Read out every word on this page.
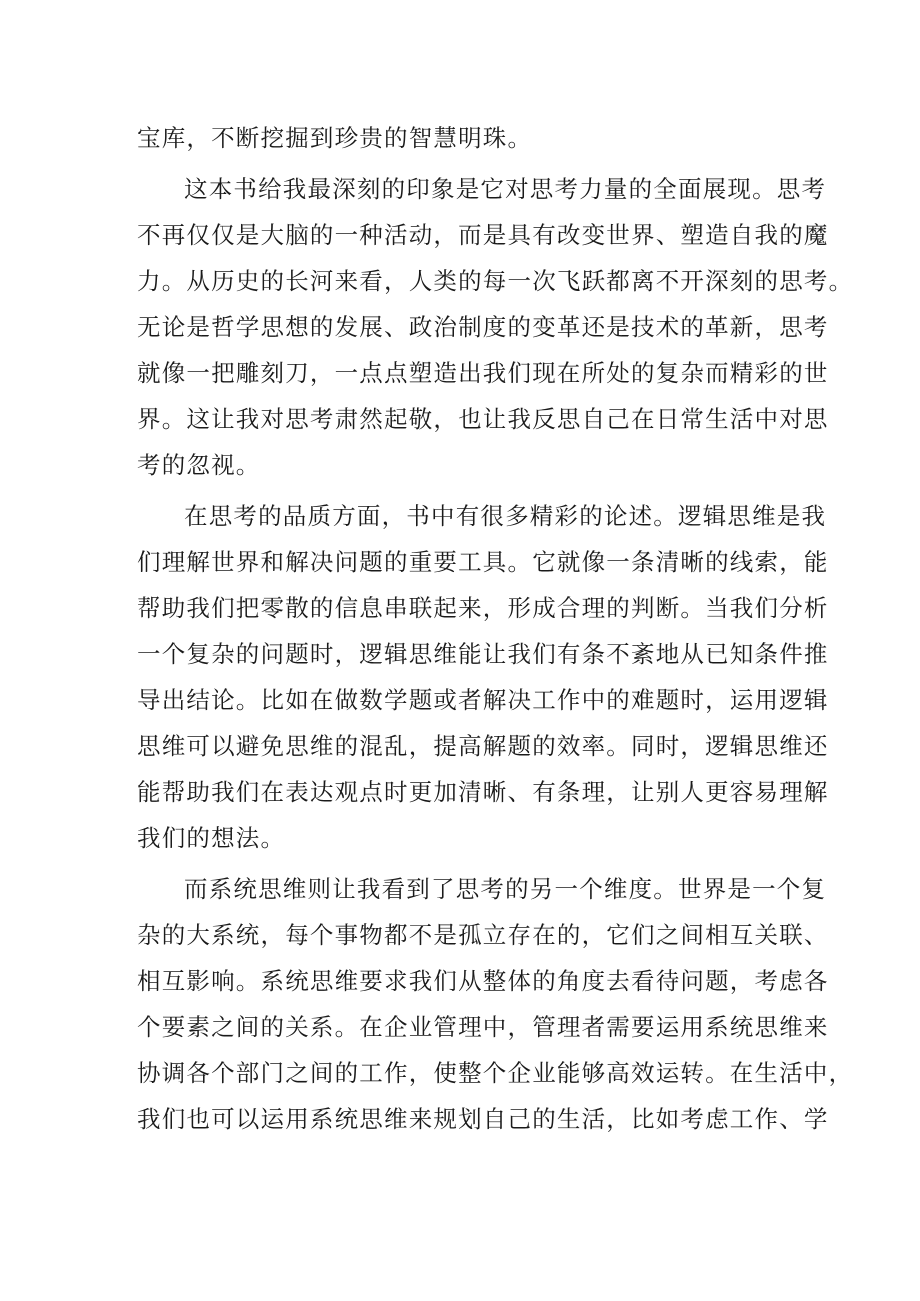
宝库，不断挖掘到珍贵的智慧明珠。
这本书给我最深刻的印象是它对思考力量的全面展现。思考
不再仅仅是大脑的一种活动，而是具有改变世界、塑造自我的魔
力。从历史的长河来看，人类的每一次飞跃都离不开深刻的思考。
无论是哲学思想的发展、政治制度的变革还是技术的革新，思考
就像一把雕刻刀，一点点塑造出我们现在所处的复杂而精彩的世
界。这让我对思考肃然起敬，也让我反思自己在日常生活中对思
考的忽视。
在思考的品质方面，书中有很多精彩的论述。逻辑思维是我
们理解世界和解决问题的重要工具。它就像一条清晰的线索，能
帮助我们把零散的信息串联起来，形成合理的判断。当我们分析
一个复杂的问题时，逻辑思维能让我们有条不紊地从已知条件推
导出结论。比如在做数学题或者解决工作中的难题时，运用逻辑
思维可以避免思维的混乱，提高解题的效率。同时，逻辑思维还
能帮助我们在表达观点时更加清晰、有条理，让别人更容易理解
我们的想法。
而系统思维则让我看到了思考的另一个维度。世界是一个复
杂的大系统，每个事物都不是孤立存在的，它们之间相互关联、
相互影响。系统思维要求我们从整体的角度去看待问题，考虑各
个要素之间的关系。在企业管理中，管理者需要运用系统思维来
协调各个部门之间的工作，使整个企业能够高效运转。在生活中，
我们也可以运用系统思维来规划自己的生活，比如考虑工作、学
